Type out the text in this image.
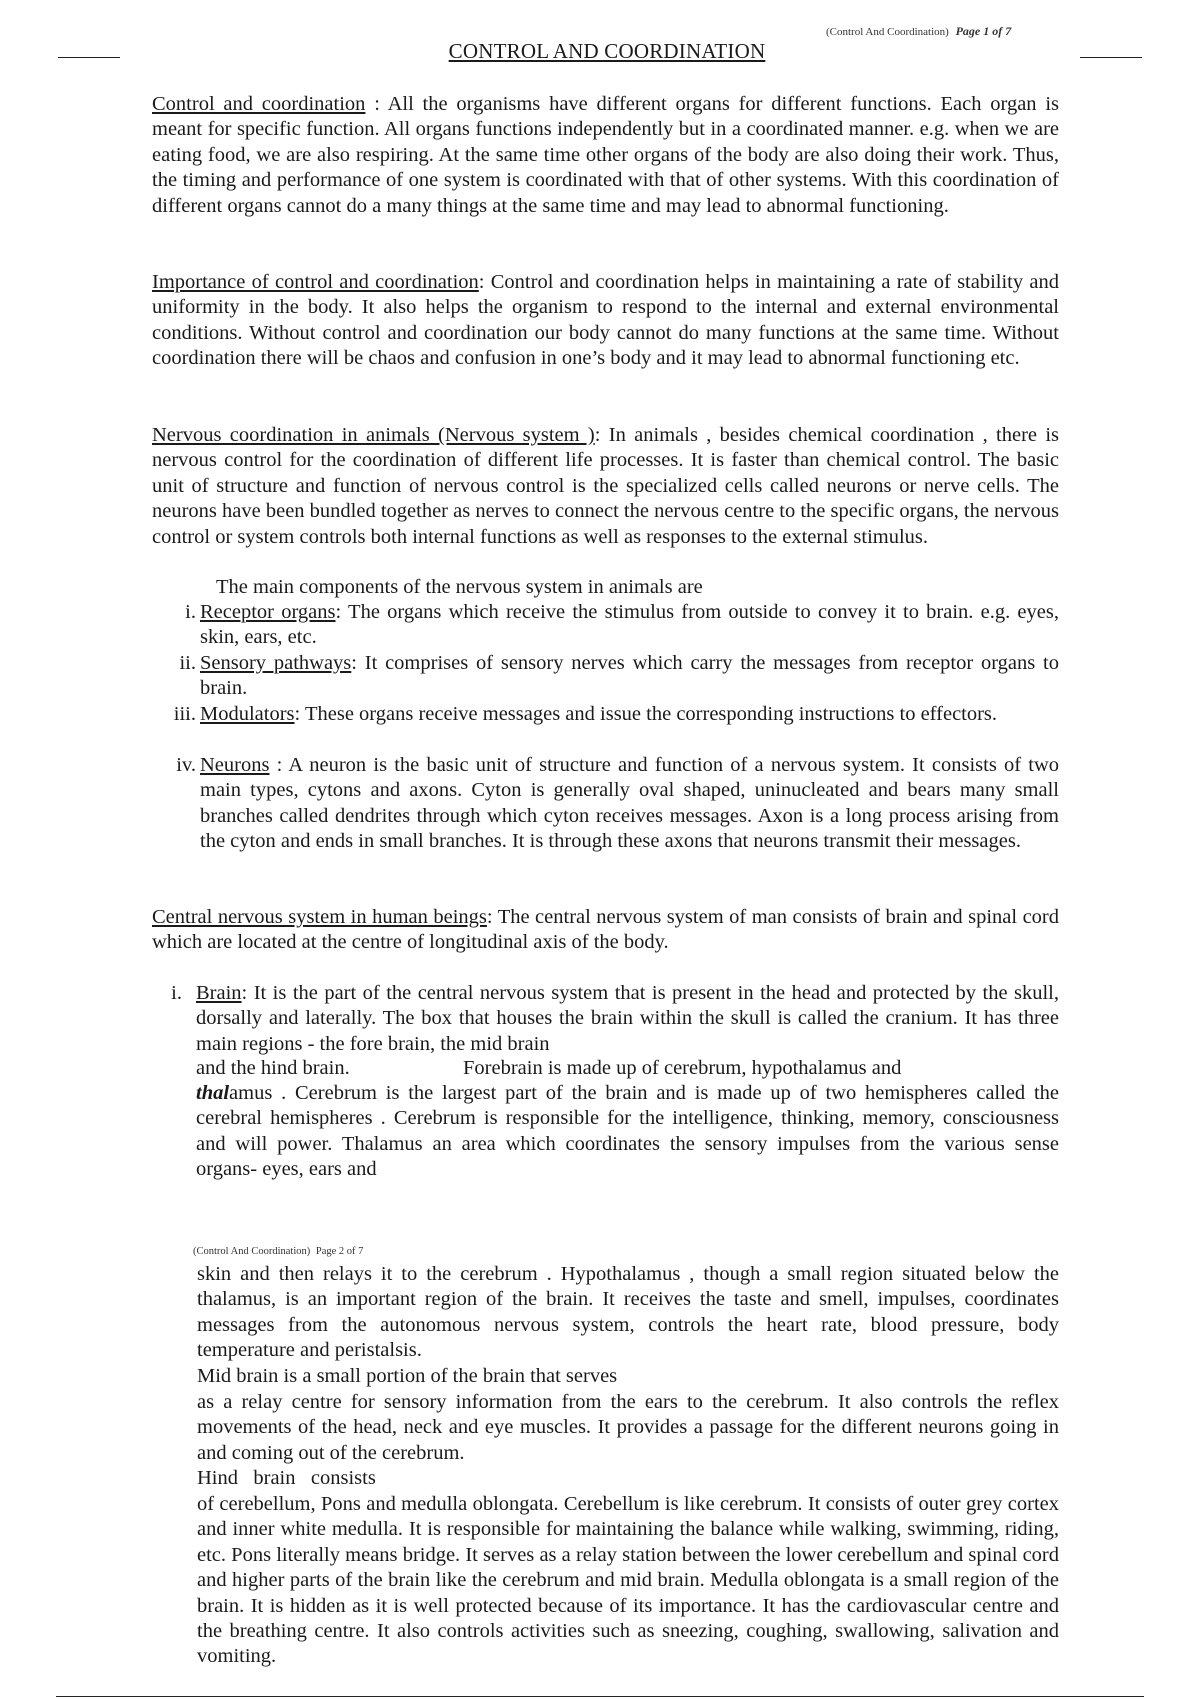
(Control And Coordination) Page 1 of 7
CONTROL AND COORDINATION
Control and coordination : All the organisms have different organs for different functions. Each organ is meant for specific function. All organs functions independently but in a coordinated manner. e.g. when we are eating food, we are also respiring. At the same time other organs of the body are also doing their work. Thus, the timing and performance of one system is coordinated with that of other systems. With this coordination of different organs cannot do a many things at the same time and may lead to abnormal functioning.
Importance of control and coordination: Control and coordination helps in maintaining a rate of stability and uniformity in the body. It also helps the organism to respond to the internal and external environmental conditions. Without control and coordination our body cannot do many functions at the same time. Without coordination there will be chaos and confusion in one’s body and it may lead to abnormal functioning etc.
Nervous coordination in animals (Nervous system ): In animals , besides chemical coordination , there is nervous control for the coordination of different life processes. It is faster than chemical control. The basic unit of structure and function of nervous control is the specialized cells called neurons or nerve cells. The neurons have been bundled together as nerves to connect the nervous centre to the specific organs, the nervous control or system controls both internal functions as well as responses to the external stimulus.
The main components of the nervous system in animals are
i. Receptor organs: The organs which receive the stimulus from outside to convey it to brain. e.g. eyes, skin, ears, etc.
ii. Sensory pathways: It comprises of sensory nerves which carry the messages from receptor organs to brain.
iii. Modulators: These organs receive messages and issue the corresponding instructions to effectors.
iv. Neurons : A neuron is the basic unit of structure and function of a nervous system. It consists of two main types, cytons and axons. Cyton is generally oval shaped, uninucleated and bears many small branches called dendrites through which cyton receives messages. Axon is a long process arising from the cyton and ends in small branches. It is through these axons that neurons transmit their messages.
Central nervous system in human beings: The central nervous system of man consists of brain and spinal cord which are located at the centre of longitudinal axis of the body.
i. Brain: It is the part of the central nervous system that is present in the head and protected by the skull, dorsally and laterally. The box that houses the brain within the skull is called the cranium. It has three main regions - the fore brain, the mid brain
and the hind brain.	Forebrain is made up of cerebrum, hypothalamus and
thalamus . Cerebrum is the largest part of the brain and is made up of two hemispheres called the cerebral hemispheres . Cerebrum is responsible for the intelligence, thinking, memory, consciousness and will power. Thalamus an area which coordinates the sensory impulses from the various sense organs- eyes, ears and
(Control And Coordination) Page 2 of 7
skin and then relays it to the cerebrum . Hypothalamus , though a small region situated below the thalamus, is an important region of the brain. It receives the taste and smell, impulses, coordinates messages from the autonomous nervous system, controls the heart rate, blood pressure, body temperature and peristalsis.
Mid brain is a small portion of the brain that serves
as a relay centre for sensory information from the ears to the cerebrum. It also controls the reflex movements of the head, neck and eye muscles. It provides a passage for the different neurons going in and coming out of the cerebrum.
Hind   brain   consists
of cerebellum, Pons and medulla oblongata. Cerebellum is like cerebrum. It consists of outer grey cortex and inner white medulla. It is responsible for maintaining the balance while walking, swimming, riding, etc. Pons literally means bridge. It serves as a relay station between the lower cerebellum and spinal cord and higher parts of the brain like the cerebrum and mid brain. Medulla oblongata is a small region of the brain. It is hidden as it is well protected because of its importance. It has the cardiovascular centre and the breathing centre. It also controls activities such as sneezing, coughing, swallowing, salivation and vomiting.
